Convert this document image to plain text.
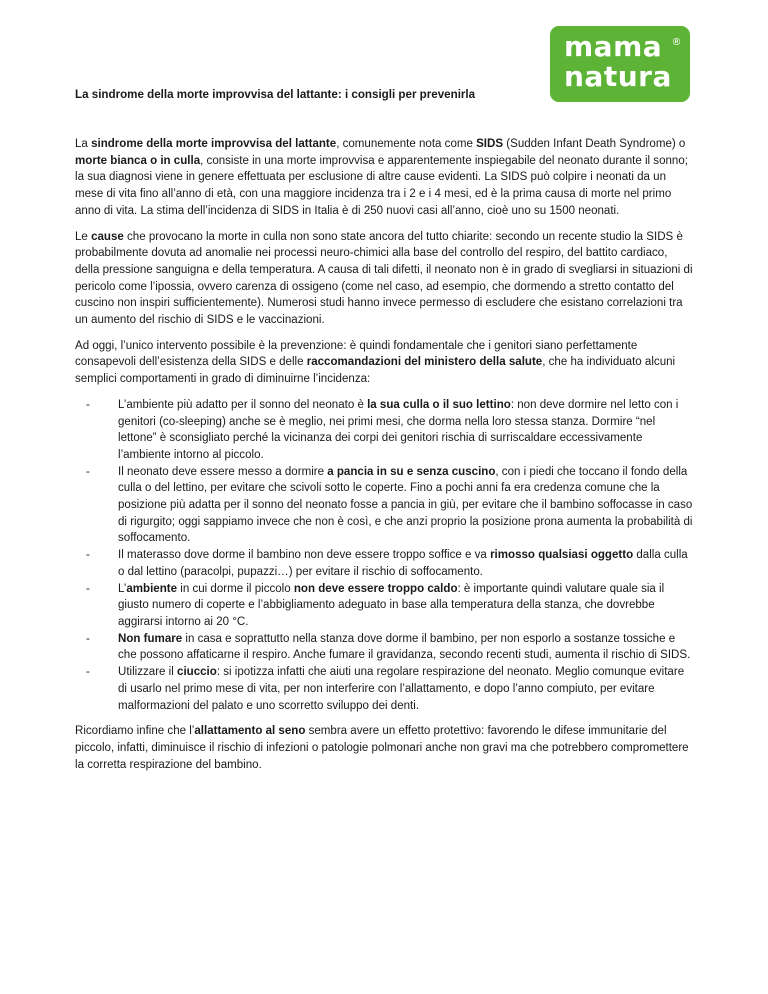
®
mama
natura
La sindrome della morte improvvisa del lattante: i consigli per prevenirla

La sindrome della morte improvvisa del lattante, comunemente nota come SIDS (Sudden Infant Death Syndrome) o morte bianca o in culla, consiste in una morte improvvisa e apparentemente inspiegabile del neonato durante il sonno; la sua diagnosi viene in genere effettuata per esclusione di altre cause evidenti. La SIDS può colpire i neonati da un mese di vita fino all’anno di età, con una maggiore incidenza tra i 2 e i 4 mesi, ed è la prima causa di morte nel primo anno di vita. La stima dell’incidenza di SIDS in Italia è di 250 nuovi casi all’anno, cioè uno su 1500 neonati.

Le cause che provocano la morte in culla non sono state ancora del tutto chiarite: secondo un recente studio la SIDS è probabilmente dovuta ad anomalie nei processi neuro-chimici alla base del controllo del respiro, del battito cardiaco, della pressione sanguigna e della temperatura. A causa di tali difetti, il neonato non è in grado di svegliarsi in situazioni di pericolo come l’ipossia, ovvero carenza di ossigeno (come nel caso, ad esempio, che dormendo a stretto contatto del cuscino non inspiri sufficientemente). Numerosi studi hanno invece permesso di escludere che esistano correlazioni tra un aumento del rischio di SIDS e le vaccinazioni.

Ad oggi, l’unico intervento possibile è la prevenzione: è quindi fondamentale che i genitori siano perfettamente consapevoli dell’esistenza della SIDS e delle raccomandazioni del ministero della salute, che ha individuato alcuni semplici comportamenti in grado di diminuirne l’incidenza:

- L’ambiente più adatto per il sonno del neonato è la sua culla o il suo lettino: non deve dormire nel letto con i genitori (co-sleeping) anche se è meglio, nei primi mesi, che dorma nella loro stessa stanza. Dormire “nel lettone” è sconsigliato perché la vicinanza dei corpi dei genitori rischia di surriscaldare eccessivamente l’ambiente intorno al piccolo.
- Il neonato deve essere messo a dormire a pancia in su e senza cuscino, con i piedi che toccano il fondo della culla o del lettino, per evitare che scivoli sotto le coperte. Fino a pochi anni fa era credenza comune che la posizione più adatta per il sonno del neonato fosse a pancia in giù, per evitare che il bambino soffocasse in caso di rigurgito; oggi sappiamo invece che non è così, e che anzi proprio la posizione prona aumenta la probabilità di soffocamento.
- Il materasso dove dorme il bambino non deve essere troppo soffice e va rimosso qualsiasi oggetto dalla culla o dal lettino (paracolpi, pupazzi…) per evitare il rischio di soffocamento.
- L’ambiente in cui dorme il piccolo non deve essere troppo caldo: è importante quindi valutare quale sia il giusto numero di coperte e l’abbigliamento adeguato in base alla temperatura della stanza, che dovrebbe aggirarsi intorno ai 20 °C.
- Non fumare in casa e soprattutto nella stanza dove dorme il bambino, per non esporlo a sostanze tossiche e che possono affaticarne il respiro. Anche fumare il gravidanza, secondo recenti studi, aumenta il rischio di SIDS.
- Utilizzare il ciuccio: si ipotizza infatti che aiuti una regolare respirazione del neonato. Meglio comunque evitare di usarlo nel primo mese di vita, per non interferire con l’allattamento, e dopo l’anno compiuto, per evitare malformazioni del palato e uno scorretto sviluppo dei denti.

Ricordiamo infine che l’allattamento al seno sembra avere un effetto protettivo: favorendo le difese immunitarie del piccolo, infatti, diminuisce il rischio di infezioni o patologie polmonari anche non gravi ma che potrebbero compromettere la corretta respirazione del bambino.
